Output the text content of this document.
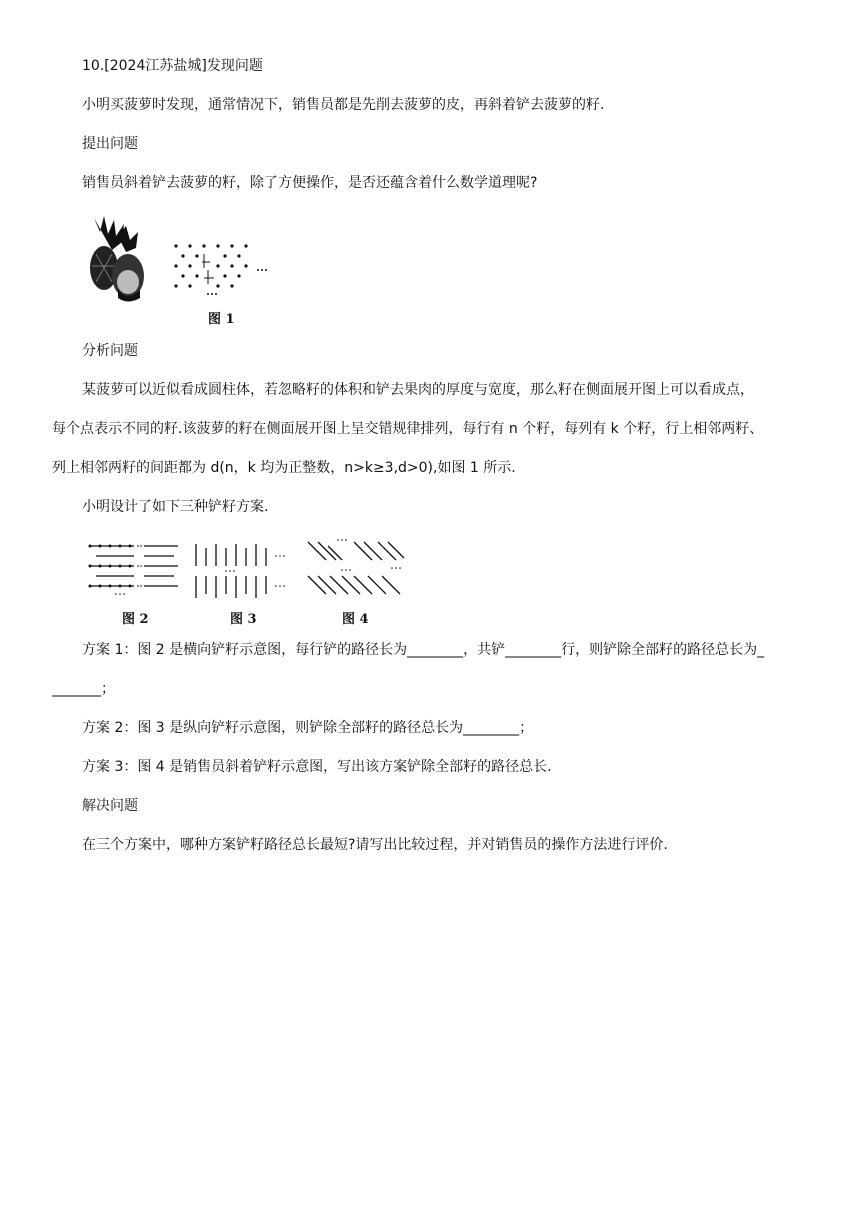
10.[2024江苏盐城]发现问题
小明买菠萝时发现，通常情况下，销售员都是先削去菠萝的皮，再斜着铲去菠萝的籽.
提出问题
销售员斜着铲去菠萝的籽，除了方便操作，是否还蕴含着什么数学道理呢?
图 1
分析问题
某菠萝可以近似看成圆柱体，若忽略籽的体积和铲去果肉的厚度与宽度，那么籽在侧面展开图上可以看成点，
每个点表示不同的籽.该菠萝的籽在侧面展开图上呈交错规律排列，每行有 n 个籽，每列有 k 个籽，行上相邻两籽、
列上相邻两籽的间距都为 d(n，k 均为正整数，n>k≥3,d>0),如图 1 所示.
小明设计了如下三种铲籽方案.
图 2	图 3	图 4
方案 1：图 2 是横向铲籽示意图，每行铲的路径长为________，共铲________行，则铲除全部籽的路径总长为_
_______；
方案 2：图 3 是纵向铲籽示意图，则铲除全部籽的路径总长为________；
方案 3：图 4 是销售员斜着铲籽示意图，写出该方案铲除全部籽的路径总长.
解决问题
在三个方案中，哪种方案铲籽路径总长最短?请写出比较过程，并对销售员的操作方法进行评价.
